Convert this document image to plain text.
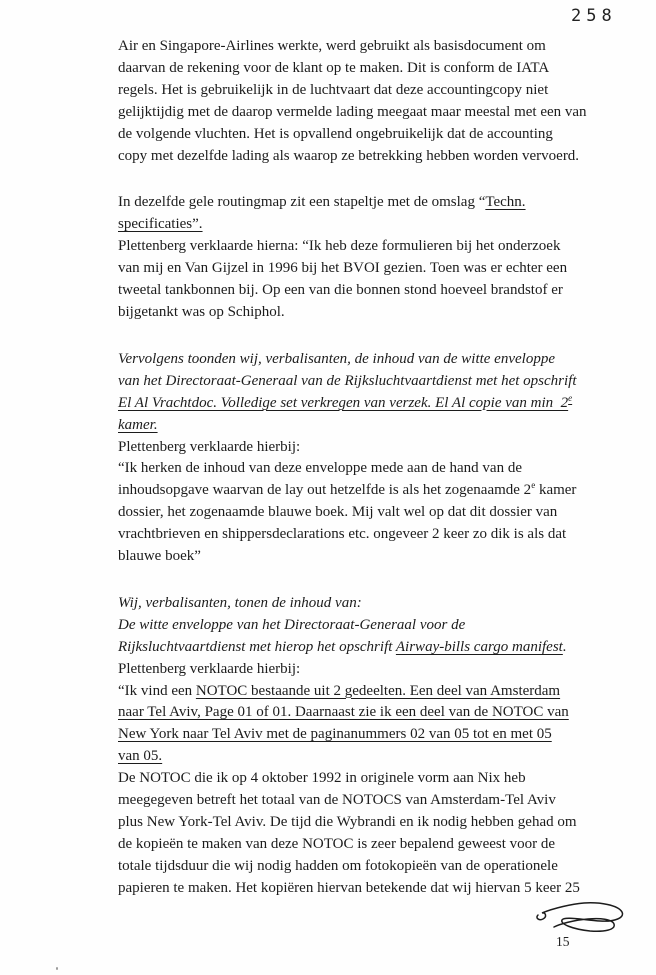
258
Air en Singapore-Airlines werkte, werd gebruikt als basisdocument om
daarvan de rekening voor de klant op te maken. Dit is conform de IATA
regels. Het is gebruikelijk in de luchtvaart dat deze accountingcopy niet
gelijktijdig met de daarop vermelde lading meegaat maar meestal met een van
de volgende vluchten. Het is opvallend ongebruikelijk dat de accounting
copy met dezelfde lading als waarop ze betrekking hebben worden vervoerd.
In dezelfde gele routingmap zit een stapeltje met de omslag “Techn.
specificaties”.
Plettenberg verklaarde hierna: “Ik heb deze formulieren bij het onderzoek
van mij en Van Gijzel in 1996 bij het BVOI gezien. Toen was er echter een
tweetal tankbonnen bij. Op een van die bonnen stond hoeveel brandstof er
bijgetankt was op Schiphol.
Vervolgens toonden wij, verbalisanten, de inhoud van de witte enveloppe
van het Directoraat-Generaal van de Rijksluchtvaartdienst met het opschrift
El Al Vrachtdoc. Volledige set verkregen van verzek. El Al copie van min  2e
kamer.
Plettenberg verklaarde hierbij:
“Ik herken de inhoud van deze enveloppe mede aan de hand van de
inhoudsopgave waarvan de lay out hetzelfde is als het zogenaamde 2e kamer
dossier, het zogenaamde blauwe boek. Mij valt wel op dat dit dossier van
vrachtbrieven en shippersdeclarations etc. ongeveer 2 keer zo dik is als dat
blauwe boek”
Wij, verbalisanten, tonen de inhoud van:
De witte enveloppe van het Directoraat-Generaal voor de
Rijksluchtvaartdienst met hierop het opschrift Airway-bills cargo manifest.
Plettenberg verklaarde hierbij:
“Ik vind een NOTOC bestaande uit 2 gedeelten. Een deel van Amsterdam
naar Tel Aviv, Page 01 of 01. Daarnaast zie ik een deel van de NOTOC van
New York naar Tel Aviv met de paginanummers 02 van 05 tot en met 05
van 05.
De NOTOC die ik op 4 oktober 1992 in originele vorm aan Nix heb
meegegeven betreft het totaal van de NOTOCS van Amsterdam-Tel Aviv
plus New York-Tel Aviv. De tijd die Wybrandi en ik nodig hebben gehad om
de kopieën te maken van deze NOTOC is zeer bepalend geweest voor de
totale tijdsduur die wij nodig hadden om fotokopieën van de operationele
papieren te maken. Het kopiëren hiervan betekende dat wij hiervan 5 keer 25
15
